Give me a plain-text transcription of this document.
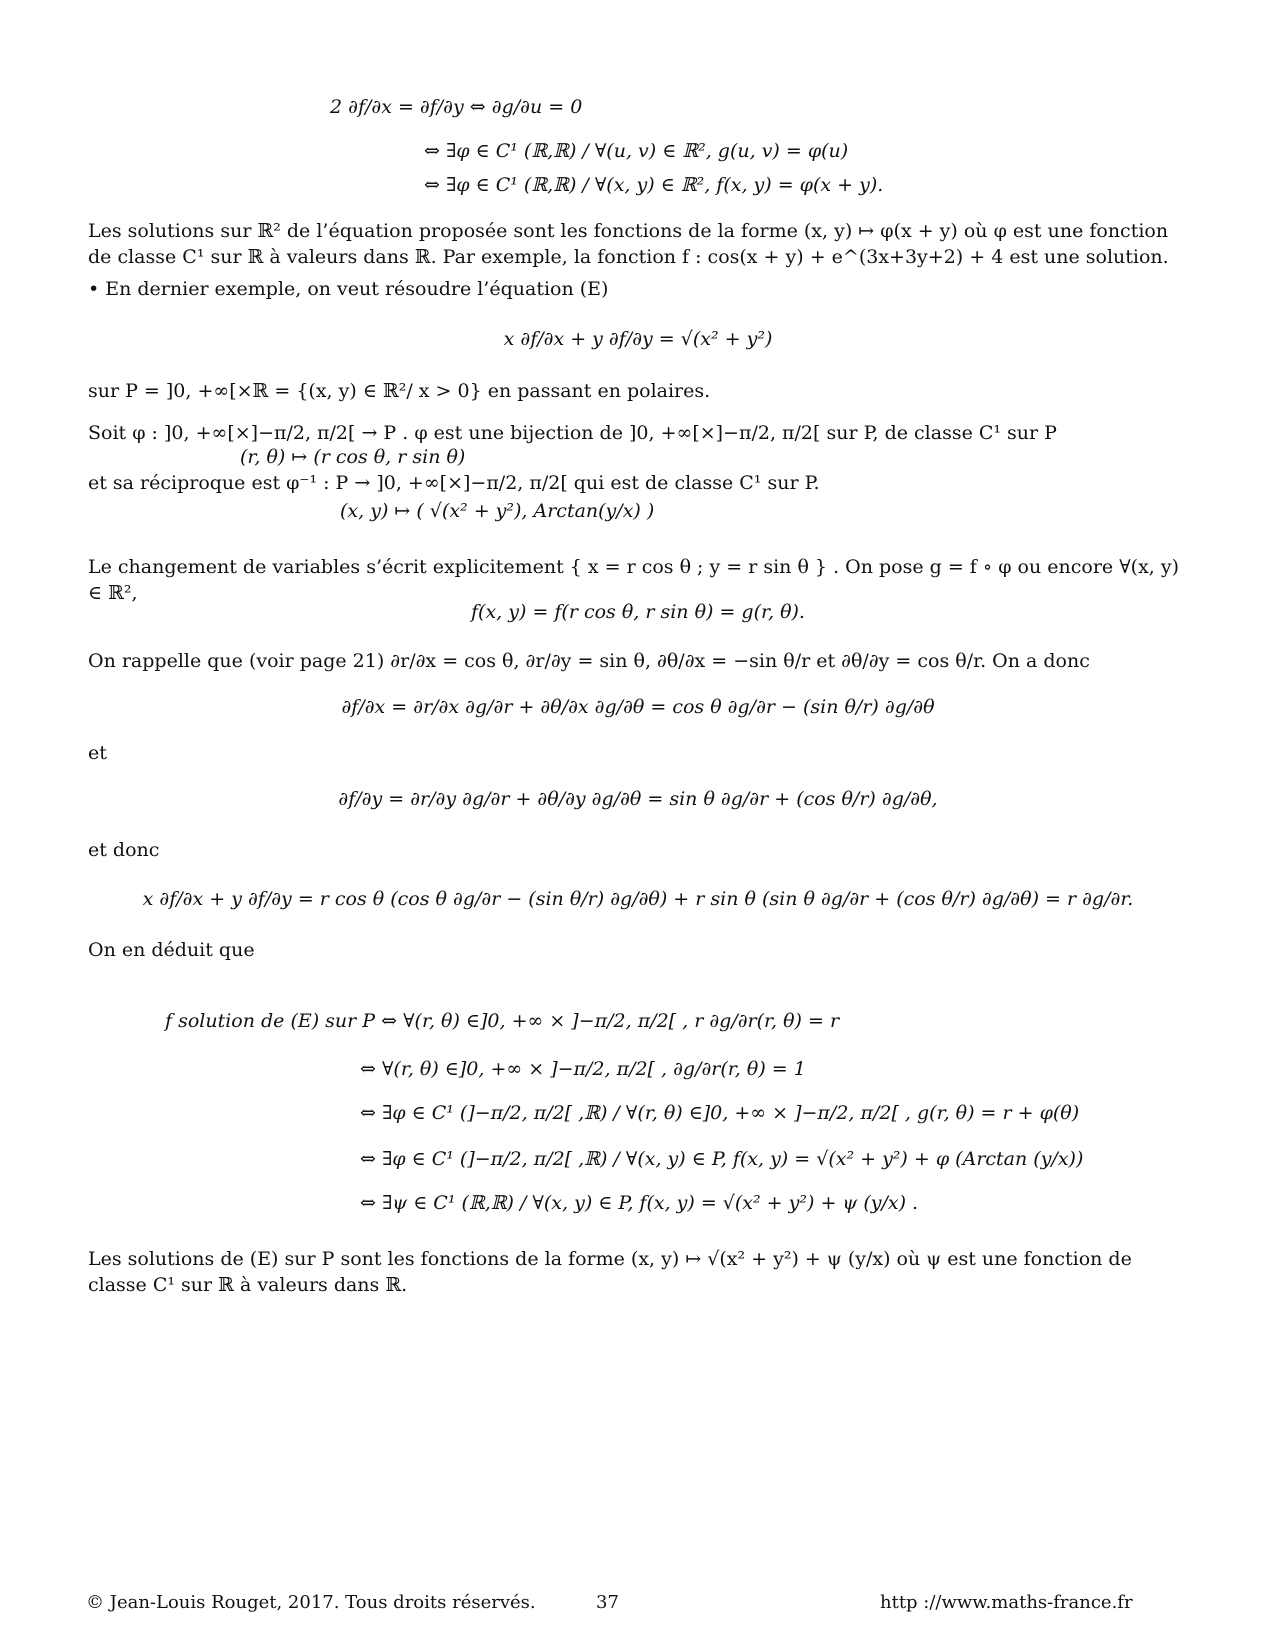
2 ∂f/∂x = ∂f/∂y ⇔ ∂g/∂u = 0
⇔ ∃φ ∈ C¹ (ℝ,ℝ) / ∀(u, v) ∈ ℝ², g(u, v) = φ(u)
⇔ ∃φ ∈ C¹ (ℝ,ℝ) / ∀(x, y) ∈ ℝ², f(x, y) = φ(x + y).
Les solutions sur ℝ² de l’équation proposée sont les fonctions de la forme (x, y) ↦ φ(x + y) où φ est une fonction de classe C¹ sur ℝ à valeurs dans ℝ. Par exemple, la fonction f : cos(x + y) + e^(3x+3y+2) + 4 est une solution.
• En dernier exemple, on veut résoudre l’équation (E)
x ∂f/∂x + y ∂f/∂y = √(x² + y²)
sur P = ]0, +∞[×ℝ = {(x, y) ∈ ℝ²/ x > 0} en passant en polaires.
Soit φ : ]0, +∞[×]−π/2, π/2[ → P . φ est une bijection de ]0, +∞[×]−π/2, π/2[ sur P, de classe C¹ sur P
(r, θ) ↦ (r cos θ, r sin θ)
et sa réciproque est φ⁻¹ : P → ]0, +∞[×]−π/2, π/2[ qui est de classe C¹ sur P.
(x, y) ↦ ( √(x² + y²), Arctan(y/x) )
Le changement de variables s’écrit explicitement { x = r cos θ ; y = r sin θ } . On pose g = f ∘ φ ou encore ∀(x, y) ∈ ℝ²,
f(x, y) = f(r cos θ, r sin θ) = g(r, θ).
On rappelle que (voir page 21) ∂r/∂x = cos θ, ∂r/∂y = sin θ, ∂θ/∂x = −sin θ/r et ∂θ/∂y = cos θ/r. On a donc
∂f/∂x = ∂r/∂x ∂g/∂r + ∂θ/∂x ∂g/∂θ = cos θ ∂g/∂r − (sin θ/r) ∂g/∂θ
et
∂f/∂y = ∂r/∂y ∂g/∂r + ∂θ/∂y ∂g/∂θ = sin θ ∂g/∂r + (cos θ/r) ∂g/∂θ,
et donc
x ∂f/∂x + y ∂f/∂y = r cos θ (cos θ ∂g/∂r − (sin θ/r) ∂g/∂θ) + r sin θ (sin θ ∂g/∂r + (cos θ/r) ∂g/∂θ) = r ∂g/∂r.
On en déduit que
f solution de (E) sur P ⇔ ∀(r, θ) ∈]0, +∞ × ]−π/2, π/2[ , r ∂g/∂r(r, θ) = r
⇔ ∀(r, θ) ∈]0, +∞ × ]−π/2, π/2[ , ∂g/∂r(r, θ) = 1
⇔ ∃φ ∈ C¹ (]−π/2, π/2[ ,ℝ) / ∀(r, θ) ∈]0, +∞ × ]−π/2, π/2[ , g(r, θ) = r + φ(θ)
⇔ ∃φ ∈ C¹ (]−π/2, π/2[ ,ℝ) / ∀(x, y) ∈ P, f(x, y) = √(x² + y²) + φ (Arctan (y/x))
⇔ ∃ψ ∈ C¹ (ℝ,ℝ) / ∀(x, y) ∈ P, f(x, y) = √(x² + y²) + ψ (y/x) .
Les solutions de (E) sur P sont les fonctions de la forme (x, y) ↦ √(x² + y²) + ψ (y/x) où ψ est une fonction de classe C¹ sur ℝ à valeurs dans ℝ.
© Jean-Louis Rouget, 2017. Tous droits réservés.	37	http ://www.maths-france.fr
